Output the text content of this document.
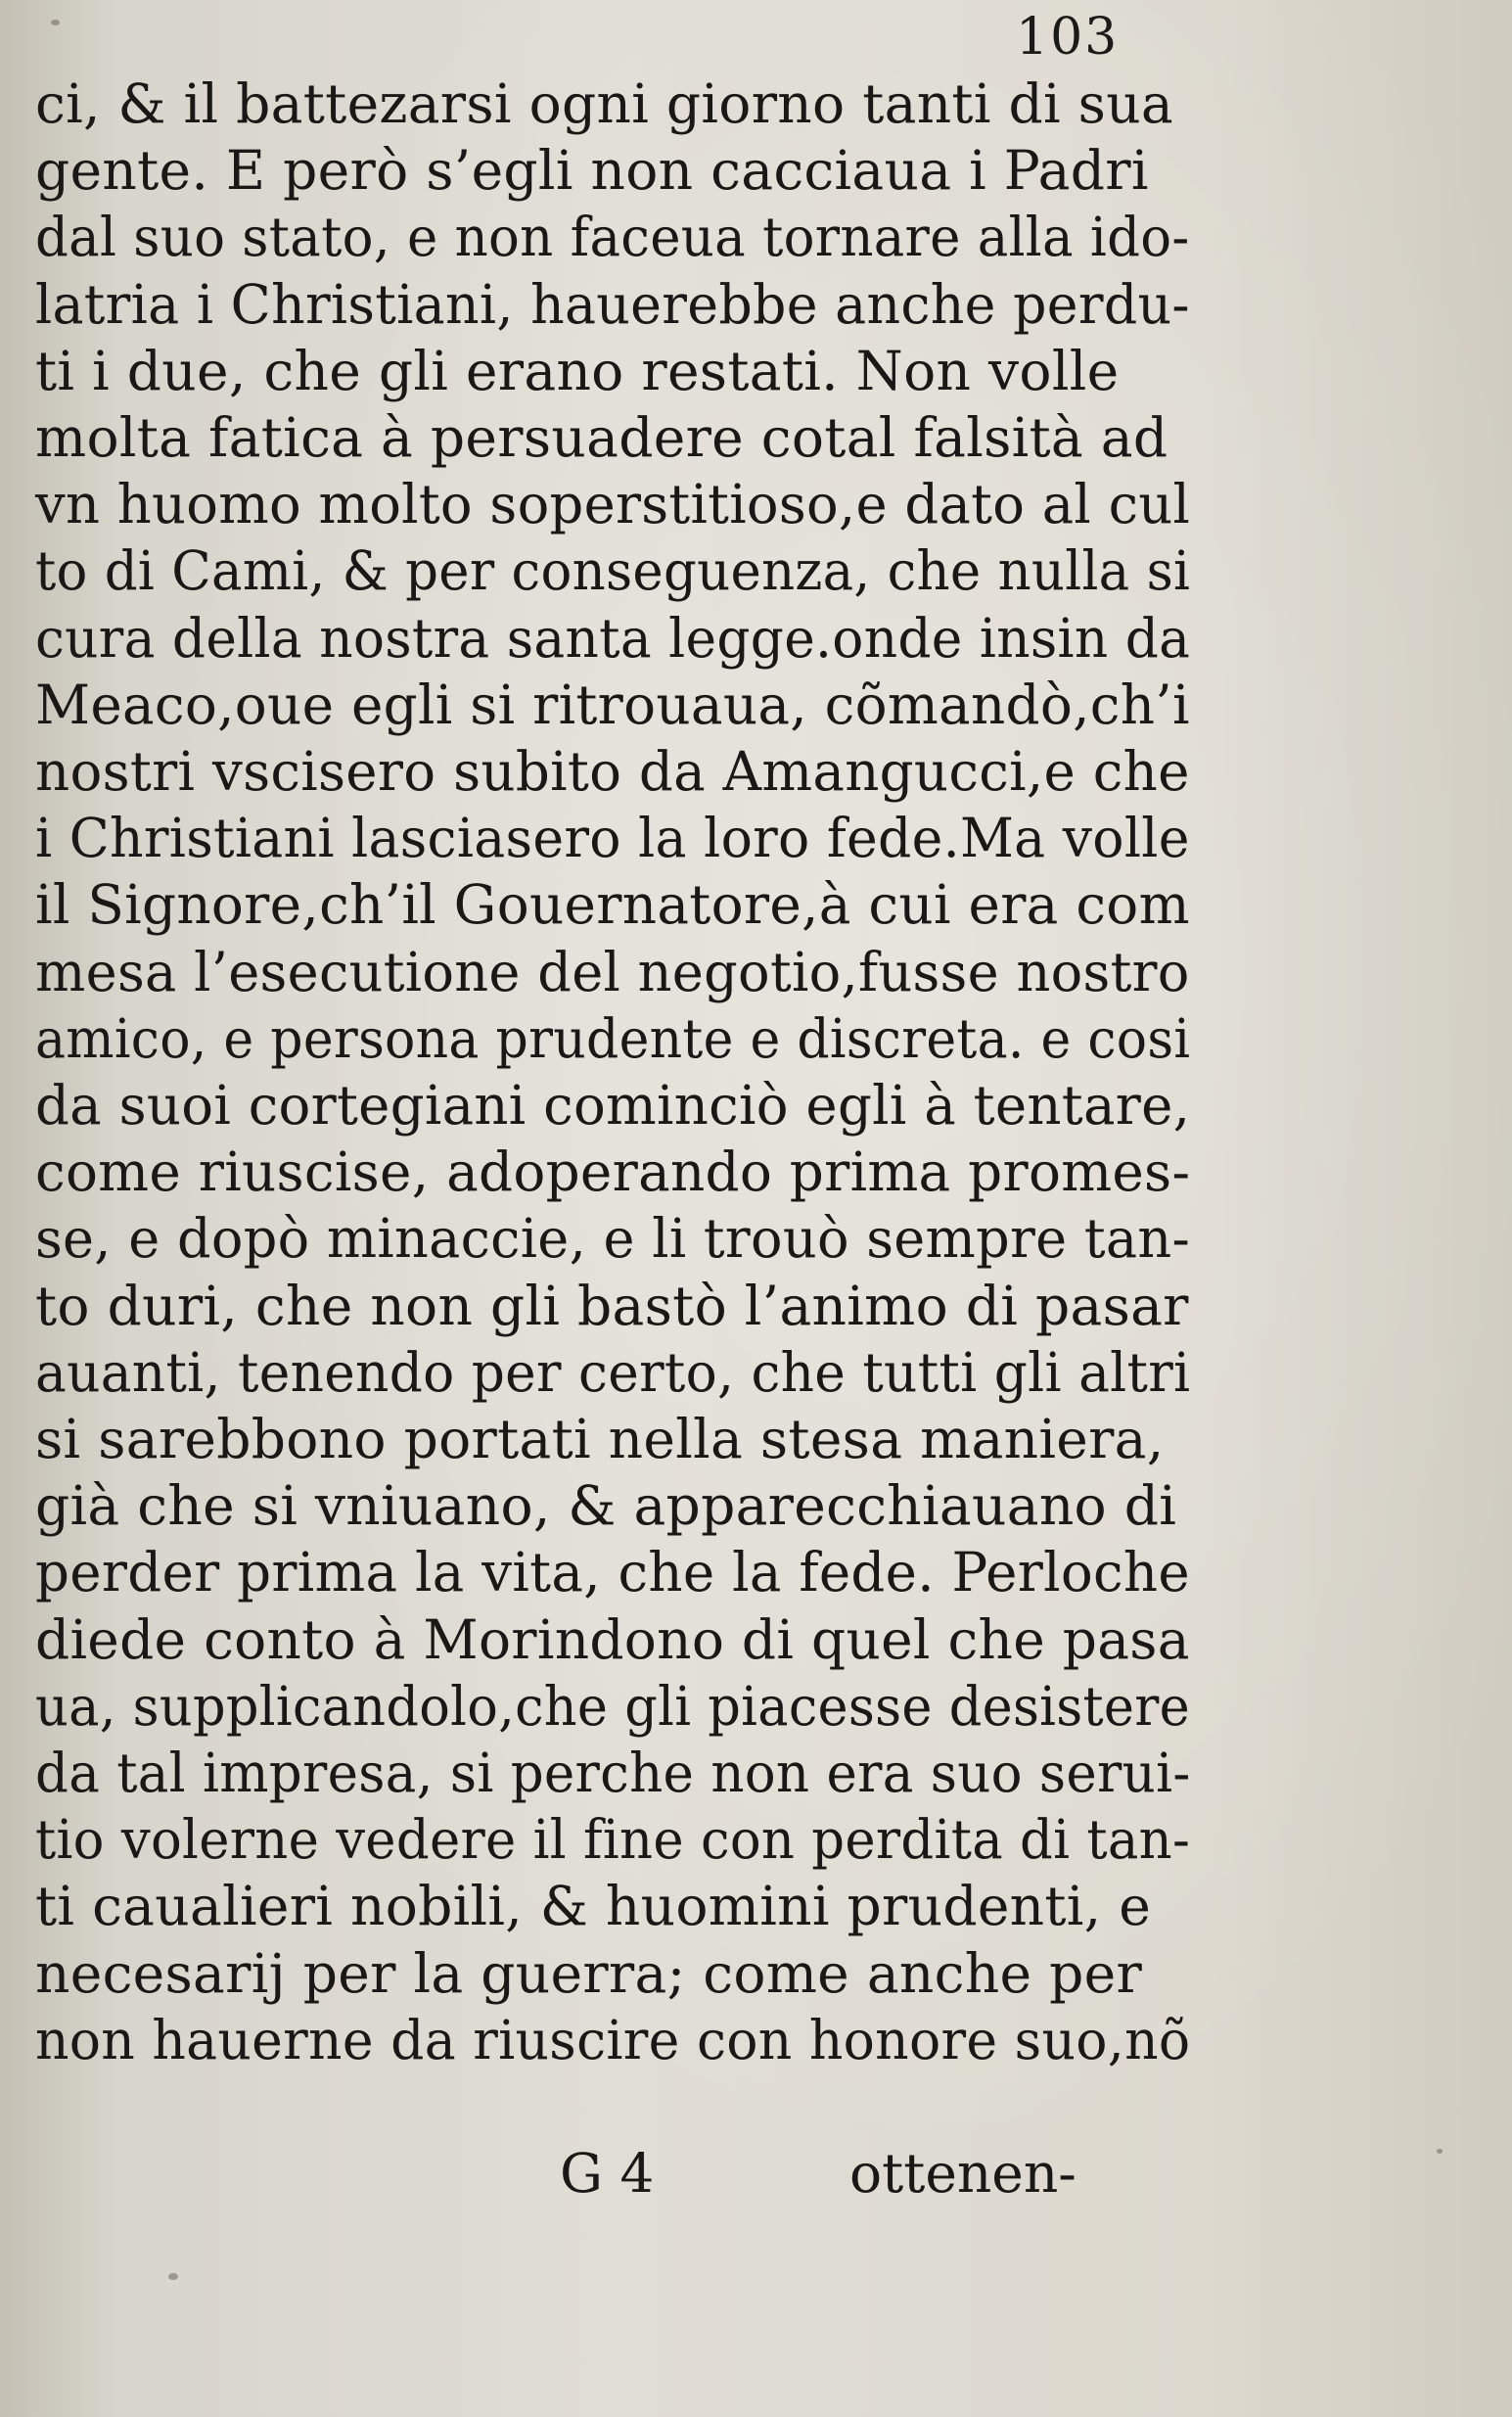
103
ci, & il battezarsi ogni giorno tanti di sua
gente. E però s’egli non cacciaua i Padri
dal suo stato, e non faceua tornare alla ido-
latria i Christiani, hauerebbe anche perdu-
ti i due, che gli erano restati. Non volle
molta fatica à persuadere cotal falsità ad
vn huomo molto soperstitioso,e dato al cul
to di Cami, & per conseguenza, che nulla si
cura della nostra santa legge.onde insin da
Meaco,oue egli si ritrouaua, cõmandò,ch’i
nostri vscisero subito da Amangucci,e che
i Christiani lasciasero la loro fede.Ma volle
il Signore,ch’il Gouernatore,à cui era com
mesa l’esecutione del negotio,fusse nostro
amico, e persona prudente e discreta. e cosi
da suoi cortegiani cominciò egli à tentare,
come riuscise, adoperando prima promes-
se, e dopò minaccie, e li trouò sempre tan-
to duri, che non gli bastò l’animo di pasar
auanti, tenendo per certo, che tutti gli altri
si sarebbono portati nella stesa maniera,
già che si vniuano, & apparecchiauano di
perder prima la vita, che la fede. Perloche
diede conto à Morindono di quel che pasa
ua, supplicandolo,che gli piacesse desistere
da tal impresa, si perche non era suo serui-
tio volerne vedere il fine con perdita di tan-
ti caualieri nobili, & huomini prudenti, e
necesarij per la guerra; come anche per
non hauerne da riuscire con honore suo,nõ
G 4	ottenen-
